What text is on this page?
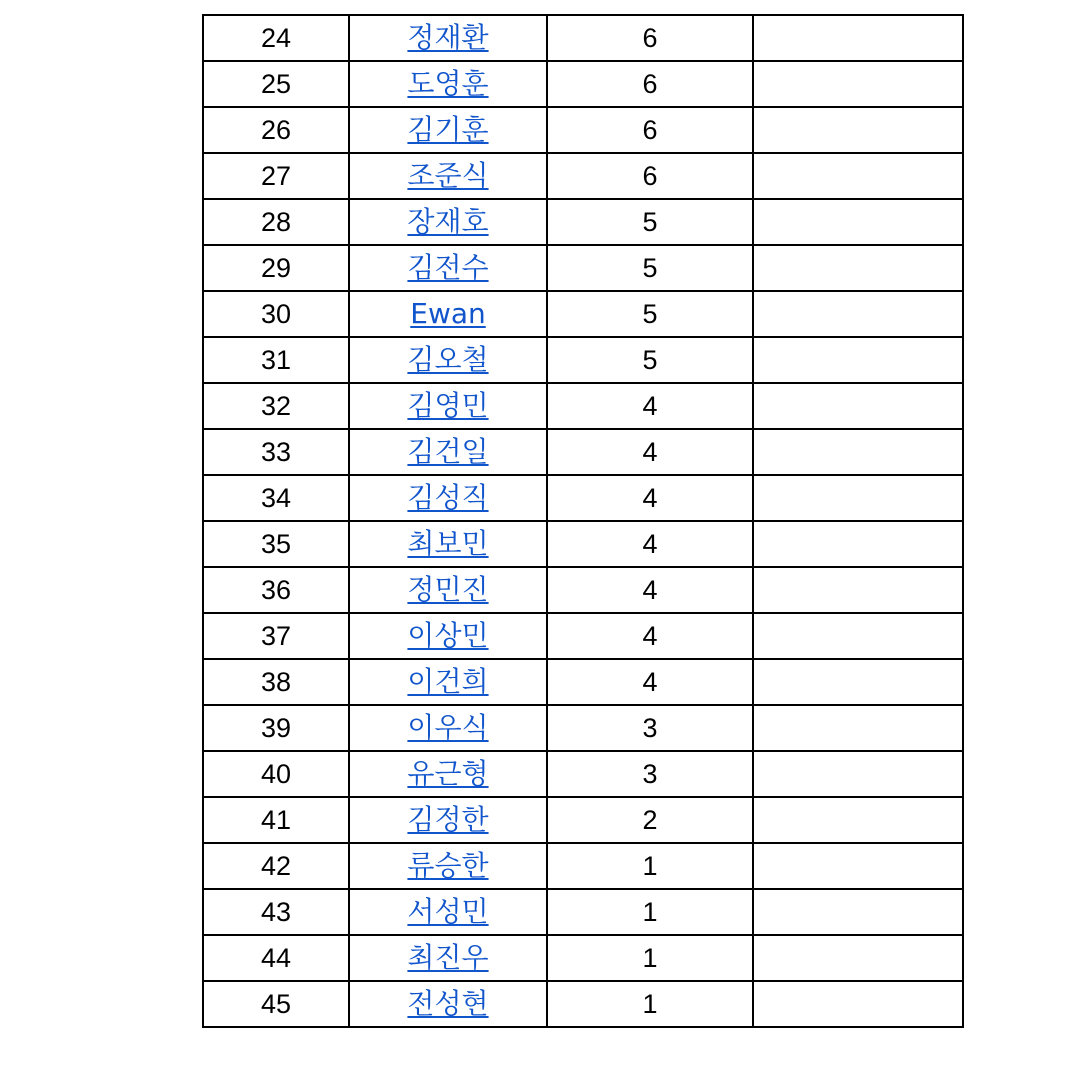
24	정재환	6	
25	도영훈	6	
26	김기훈	6	
27	조준식	6	
28	장재호	5	
29	김전수	5	
30	Ewan	5	
31	김오철	5	
32	김영민	4	
33	김건일	4	
34	김성직	4	
35	최보민	4	
36	정민진	4	
37	이상민	4	
38	이건희	4	
39	이우식	3	
40	유근형	3	
41	김정한	2	
42	류승한	1	
43	서성민	1	
44	최진우	1	
45	전성현	1	
